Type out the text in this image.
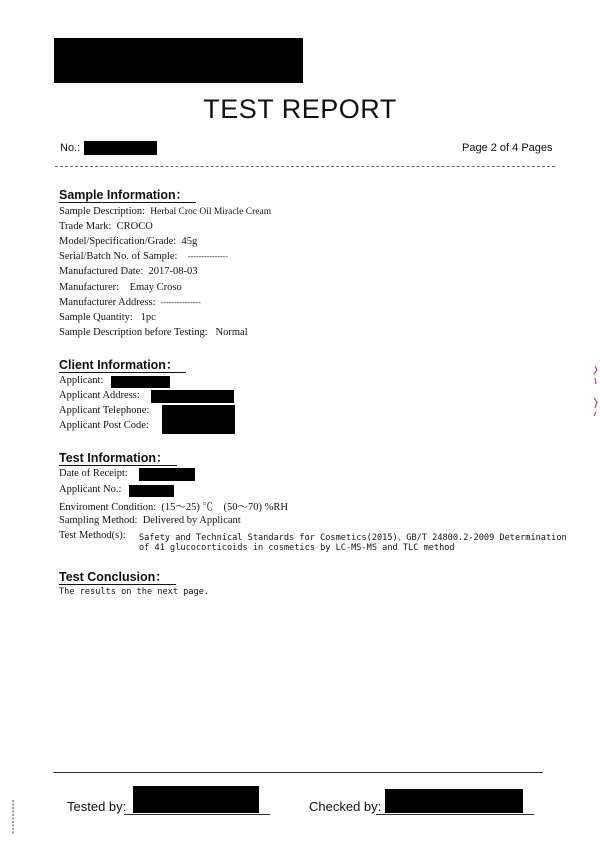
TEST REPORT
No.:	Page 2 of 4 Pages
Sample Information：
Sample Description: Herbal Croc Oil Miracle Cream
Trade Mark: CROCO
Model/Specification/Grade: 45g
Serial/Batch No. of Sample: ---------------
Manufactured Date: 2017-08-03
Manufacturer: Emay Croso
Manufacturer Address: ---------------
Sample Quantity: 1pc
Sample Description before Testing: Normal
Client Information：
Applicant:
Applicant Address:
Applicant Telephone:
Applicant Post Code:
Test Information：
Date of Receipt:
Applicant No.:
Enviroment Condition: (15～25) ℃ (50～70) %RH
Sampling Method: Delivered by Applicant
Test Method(s): Safety and Technical Standards for Cosmetics(2015)、GB/T 24800.2-2009 Determination
of 41 glucocorticoids in cosmetics by LC-MS-MS and TLC method
Test Conclusion：
The results on the next page.
Tested by:	Checked by:
